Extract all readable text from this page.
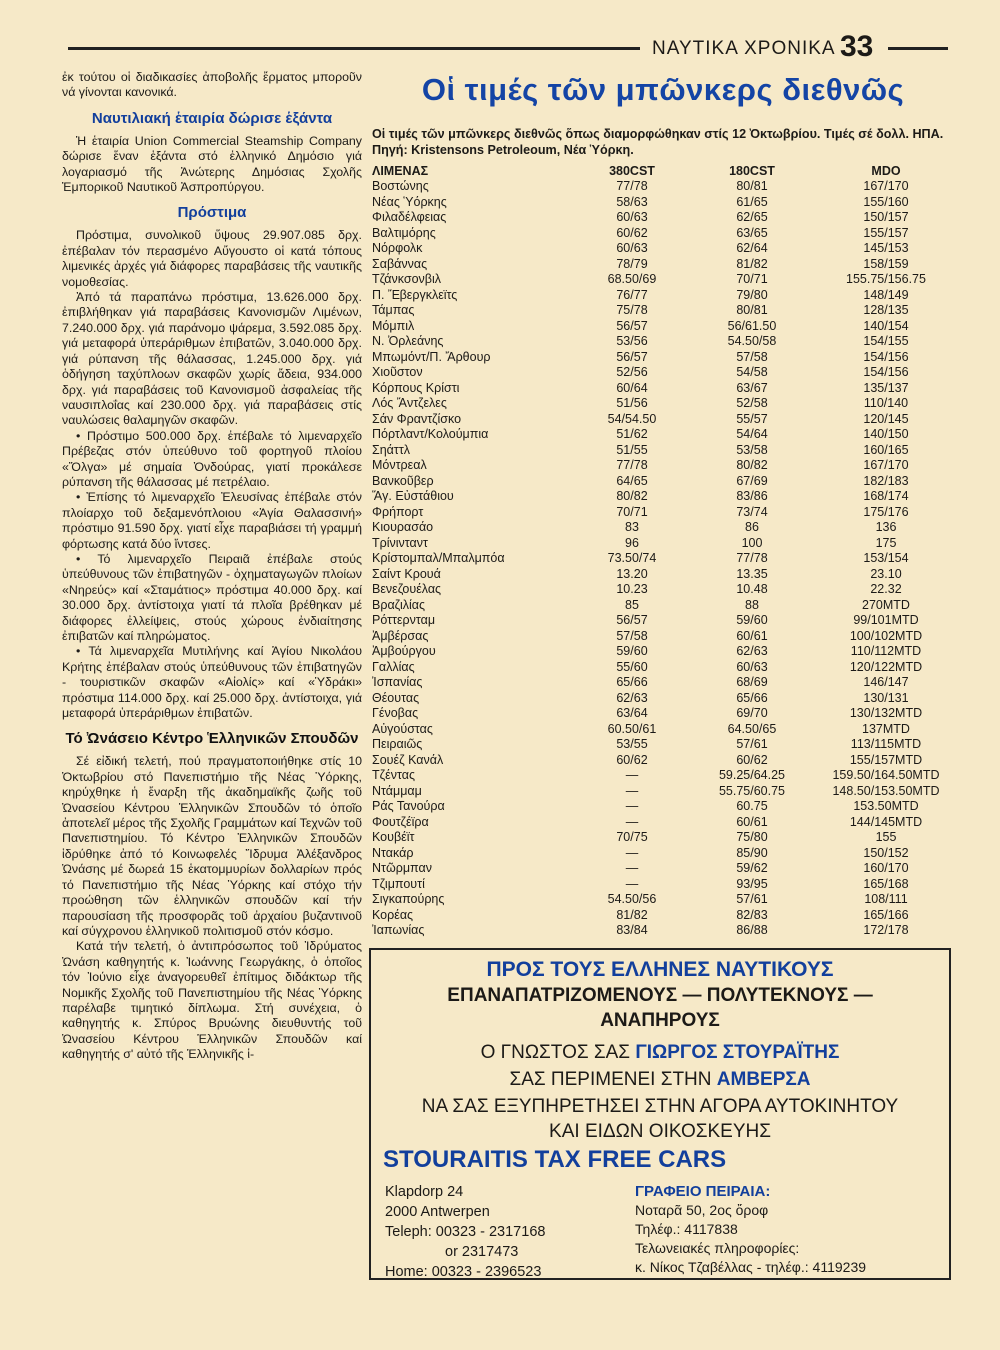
ΝΑΥΤΙΚΑ ΧΡΟΝΙΚΑ 33

ἐκ τούτου οἱ διαδικασίες ἀποβολῆς ἔρματος μποροῦν νά γίνονται κανονικά.

Ναυτιλιακή ἑταιρία δώρισε ἑξάντα

Ἡ ἑταιρία Union Commercial Steamship Company δώρισε ἕναν ἑξάντα στό ἑλληνικό Δημόσιο γιά λογαριασμό τῆς Ἀνώτερης Δημόσιας Σχολῆς Ἐμπορικοῦ Ναυτικοῦ Ἀσπροπύργου.

Πρόστιμα

Πρόστιμα, συνολικοῦ ὕψους 29.907.085 δρχ. ἐπέβαλαν τόν περασμένο Αὔγουστο οἱ κατά τόπους λιμενικές ἀρχές γιά διάφορες παραβάσεις τῆς ναυτικῆς νομοθεσίας.

Ἀπό τά παραπάνω πρόστιμα, 13.626.000 δρχ. ἐπιβλήθηκαν γιά παραβάσεις Κανονισμῶν Λιμένων, 7.240.000 δρχ. γιά παράνομο ψάρεμα, 3.592.085 δρχ. γιά μεταφορά ὑπεράριθμων ἐπιβατῶν, 3.040.000 δρχ. γιά ρύπανση τῆς θάλασσας, 1.245.000 δρχ. γιά ὁδήγηση ταχύπλοων σκαφῶν χωρίς ἄδεια, 934.000 δρχ. γιά παραβάσεις τοῦ Κανονισμοῦ ἀσφαλείας τῆς ναυσιπλοΐας καί 230.000 δρχ. γιά παραβάσεις στίς ναυλώσεις θαλαμηγῶν σκαφῶν.

• Πρόστιμο 500.000 δρχ. ἐπέβαλε τό λιμεναρχεῖο Πρέβεζας στόν ὑπεύθυνο τοῦ φορτηγοῦ πλοίου «Ὄλγα» μέ σημαία Ὀνδούρας, γιατί προκάλεσε ρύπανση τῆς θάλασσας μέ πετρέλαιο.

• Ἐπίσης τό λιμεναρχεῖο Ἐλευσίνας ἐπέβαλε στόν πλοίαρχο τοῦ δεξαμενόπλοιου «Ἁγία Θαλασσινή» πρόστιμο 91.590 δρχ. γιατί εἶχε παραβιάσει τή γραμμή φόρτωσης κατά δύο ἴντσες.

• Τό λιμεναρχεῖο Πειραιᾶ ἐπέβαλε στούς ὑπεύθυνους τῶν ἐπιβατηγῶν - ὀχηματαγωγῶν πλοίων «Νηρεύς» καί «Σταμάτιος» πρόστιμα 40.000 δρχ. καί 30.000 δρχ. ἀντίστοιχα γιατί τά πλοῖα βρέθηκαν μέ διάφορες ἐλλείψεις, στούς χώρους ἐνδιαίτησης ἐπιβατῶν καί πληρώματος.

• Τά λιμεναρχεῖα Μυτιλήνης καί Ἁγίου Νικολάου Κρήτης ἐπέβαλαν στούς ὑπεύθυνους τῶν ἐπιβατηγῶν - τουριστικῶν σκαφῶν «Αἰολίς» καί «Ὑδράκι» πρόστιμα 114.000 δρχ. καί 25.000 δρχ. ἀντίστοιχα, γιά μεταφορά ὑπεράριθμων ἐπιβατῶν.

Τό Ὠνάσειο Κέντρο Ἑλληνικῶν Σπουδῶν

Σέ εἰδική τελετή, πού πραγματοποιήθηκε στίς 10 Ὀκτωβρίου στό Πανεπιστήμιο τῆς Νέας Ὑόρκης, κηρύχθηκε ἡ ἔναρξη τῆς ἀκαδημαϊκῆς ζωῆς τοῦ Ὠνασείου Κέντρου Ἑλληνικῶν Σπουδῶν τό ὁποῖο ἀποτελεῖ μέρος τῆς Σχολῆς Γραμμάτων καί Τεχνῶν τοῦ Πανεπιστημίου. Τό Κέντρο Ἑλληνικῶν Σπουδῶν ἱδρύθηκε ἀπό τό Κοινωφελές Ἵδρυμα Ἀλέξανδρος Ὠνάσης μέ δωρεά 15 ἑκατομμυρίων δολλαρίων πρός τό Πανεπιστήμιο τῆς Νέας Ὑόρκης καί στόχο τήν προώθηση τῶν ἑλληνικῶν σπουδῶν καί τήν παρουσίαση τῆς προσφορᾶς τοῦ ἀρχαίου βυζαντινοῦ καί σύγχρονου ἑλληνικοῦ πολιτισμοῦ στόν κόσμο.

Κατά τήν τελετή, ὁ ἀντιπρόσωπος τοῦ Ἱδρύματος Ὠνάση καθηγητής κ. Ἰωάννης Γεωργάκης, ὁ ὁποῖος τόν Ἰούνιο εἶχε ἀναγορευθεῖ ἐπίτιμος διδάκτωρ τῆς Νομικῆς Σχολῆς τοῦ Πανεπιστημίου τῆς Νέας Ὑόρκης παρέλαβε τιμητικό δίπλωμα. Στή συνέχεια, ὁ καθηγητής κ. Σπύρος Βρυώνης διευθυντής τοῦ Ὠνασείου Κέντρου Ἑλληνικῶν Σπουδῶν καί καθηγητής σ' αὐτό τῆς Ἑλληνικῆς ἱ-

Οἱ τιμές τῶν μπῶνκερς διεθνῶς
Οἱ τιμές τῶν μπῶνκερς διεθνῶς ὅπως διαμορφώθηκαν στίς 12 Ὀκτωβρίου. Τιμές σέ δολλ. ΗΠΑ. Πηγή: Kristensons Petroleoum, Νέα Ὑόρκη.
ΛΙΜΕΝΑΣ	380CST	180CST	MDO
Βοστώνης	77/78	80/81	167/170
Νέας Ὑόρκης	58/63	61/65	155/160
Φιλαδέλφειας	60/63	62/65	150/157
Βαλτιμόρης	60/62	63/65	155/157
Νόρφολκ	60/63	62/64	145/153
Σαβάννας	78/79	81/82	158/159
Τζάνκσονβιλ	68.50/69	70/71	155.75/156.75
Π. Ἔβεργκλεϊτς	76/77	79/80	148/149
Τάμπας	75/78	80/81	128/135
Μόμπιλ	56/57	56/61.50	140/154
Ν. Ὀρλεάνης	53/56	54.50/58	154/155
Μπωμόντ/Π. Ἄρθουρ	56/57	57/58	154/156
Χιοῦστον	52/56	54/58	154/156
Κόρπους Κρίστι	60/64	63/67	135/137
Λός Ἄντζελες	51/56	52/58	110/140
Σάν Φραντζίσκο	54/54.50	55/57	120/145
Πόρτλαντ/Κολούμπια	51/62	54/64	140/150
Σηάττλ	51/55	53/58	160/165
Μόντρεαλ	77/78	80/82	167/170
Βανκοῦβερ	64/65	67/69	182/183
Ἅγ. Εὐστάθιου	80/82	83/86	168/174
Φρήπορτ	70/71	73/74	175/176
Κιουρασάο	83	86	136
Τρίνινταντ	96	100	175
Κρίστομπαλ/Μπαλμπόα	73.50/74	77/78	153/154
Σαίντ Κρουά	13.20	13.35	23.10
Βενεζουέλας	10.23	10.48	22.32
Βραζιλίας	85	88	270MTD
Ρόττερνταμ	56/57	59/60	99/101MTD
Ἀμβέρσας	57/58	60/61	100/102MTD
Ἀμβούργου	59/60	62/63	110/112MTD
Γαλλίας	55/60	60/63	120/122MTD
Ἰσπανίας	65/66	68/69	146/147
Θέουτας	62/63	65/66	130/131
Γένοβας	63/64	69/70	130/132MTD
Αὐγούστας	60.50/61	64.50/65	137MTD
Πειραιῶς	53/55	57/61	113/115MTD
Σουέζ Κανάλ	60/62	60/62	155/157MTD
Τζέντας	—	59.25/64.25	159.50/164.50MTD
Ντάμμαμ	—	55.75/60.75	148.50/153.50MTD
Ράς Τανούρα	—	60.75	153.50MTD
Φουτζέϊρα	—	60/61	144/145MTD
Κουβέϊτ	70/75	75/80	155
Ντακάρ	—	85/90	150/152
Ντῶρμπαν	—	59/62	160/170
Τζιμπουτί	—	93/95	165/168
Σιγκαπούρης	54.50/56	57/61	108/111
Κορέας	81/82	82/83	165/166
Ἰαπωνίας	83/84	86/88	172/178
ΠΡΟΣ ΤΟΥΣ ΕΛΛΗΝΕΣ ΝΑΥΤΙΚΟΥΣ
ΕΠΑΝΑΠΑΤΡΙΖΟΜΕΝΟΥΣ — ΠΟΛΥΤΕΚΝΟΥΣ —
ΑΝΑΠΗΡΟΥΣ
Ο ΓΝΩΣΤΟΣ ΣΑΣ ΓΙΩΡΓΟΣ ΣΤΟΥΡΑΪΤΗΣ
ΣΑΣ ΠΕΡΙΜΕΝΕΙ ΣΤΗΝ ΑΜΒΕΡΣΑ
ΝΑ ΣΑΣ ΕΞΥΠΗΡΕΤΗΣΕΙ ΣΤΗΝ ΑΓΟΡΑ ΑΥΤΟΚΙΝΗΤΟΥ
ΚΑΙ ΕΙΔΩΝ ΟΙΚΟΣΚΕΥΗΣ
STOURAITIS TAX FREE CARS
Klapdorp 24
2000 Antwerpen
Teleph: 00323 - 2317168
or 2317473
Home: 00323 - 2396523
ΓΡΑΦΕΙΟ ΠΕΙΡΑΙΑ:
Νοταρᾶ 50, 2ος ὄροφ
Τηλέφ.: 4117838
Τελωνειακές πληροφορίες:
κ. Νίκος Τζαβέλλας - τηλέφ.: 4119239
